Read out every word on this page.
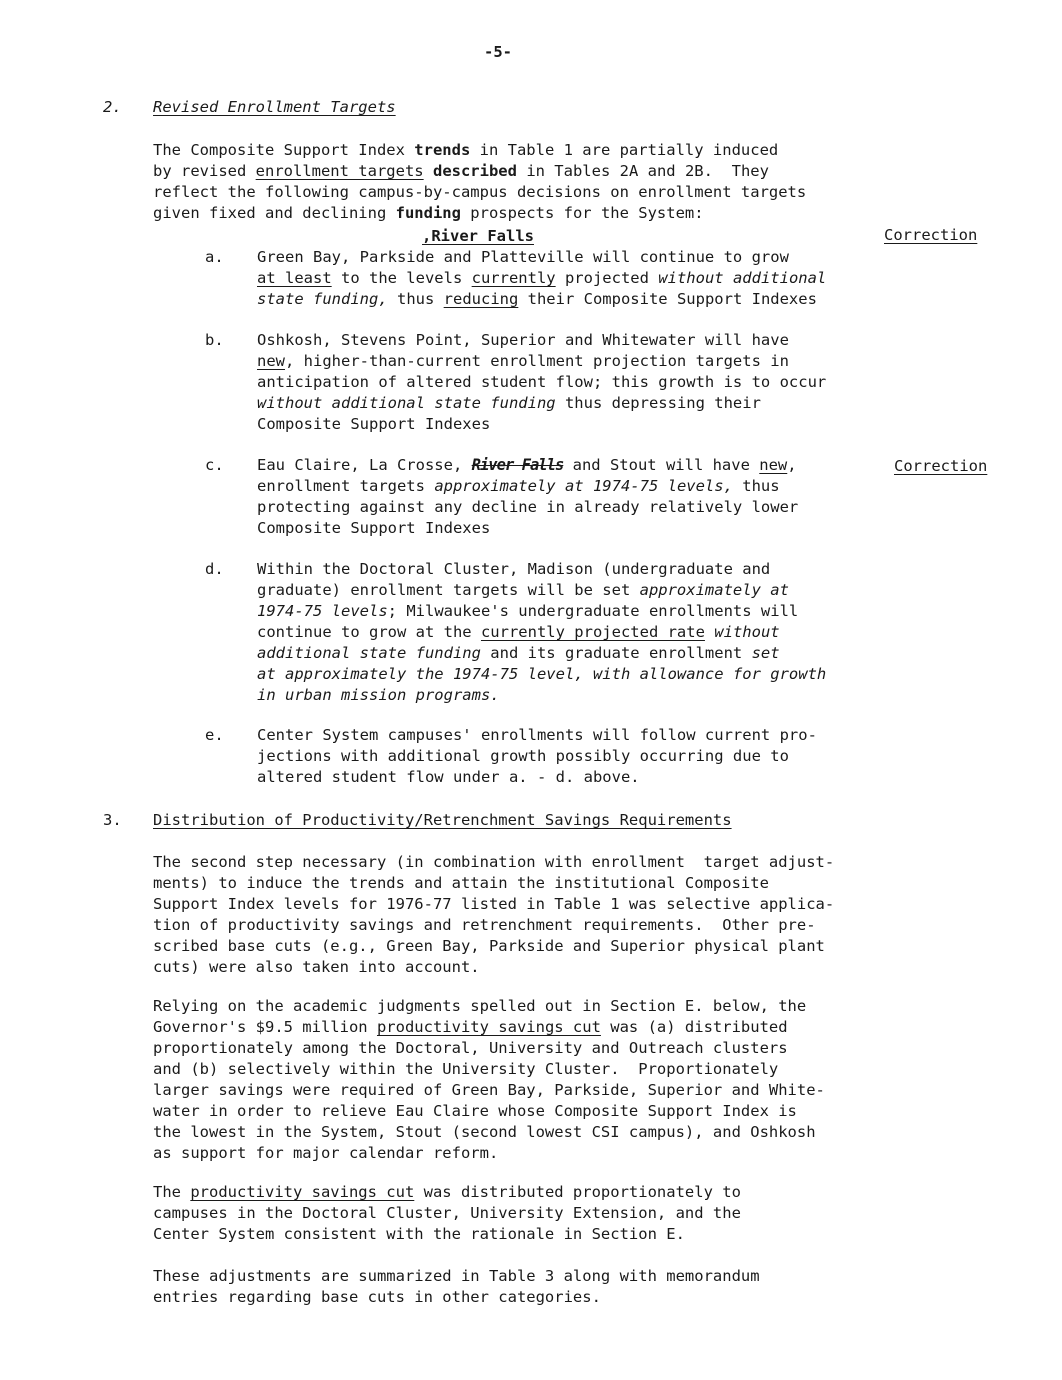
-5-
2. Revised Enrollment Targets
The Composite Support Index trends in Table 1 are partially induced
by revised enrollment targets described in Tables 2A and 2B.  They
reflect the following campus-by-campus decisions on enrollment targets
given fixed and declining funding prospects for the System:
,River Falls	Correction
a. Green Bay, Parkside and Platteville will continue to grow
at least to the levels currently projected without additional
state funding, thus reducing their Composite Support Indexes
b. Oshkosh, Stevens Point, Superior and Whitewater will have
new, higher-than-current enrollment projection targets in
anticipation of altered student flow; this growth is to occur
without additional state funding thus depressing their
Composite Support Indexes
c. Eau Claire, La Crosse, River Falls and Stout will have new,
enrollment targets approximately at 1974-75 levels, thus
protecting against any decline in already relatively lower
Composite Support Indexes
Correction
d. Within the Doctoral Cluster, Madison (undergraduate and
graduate) enrollment targets will be set approximately at
1974-75 levels; Milwaukee's undergraduate enrollments will
continue to grow at the currently projected rate without
additional state funding and its graduate enrollment set
at approximately the 1974-75 level, with allowance for growth
in urban mission programs.
e. Center System campuses' enrollments will follow current pro-
jections with additional growth possibly occurring due to
altered student flow under a. - d. above.
3. Distribution of Productivity/Retrenchment Savings Requirements
The second step necessary (in combination with enrollment  target adjust-
ments) to induce the trends and attain the institutional Composite
Support Index levels for 1976-77 listed in Table 1 was selective applica-
tion of productivity savings and retrenchment requirements.  Other pre-
scribed base cuts (e.g., Green Bay, Parkside and Superior physical plant
cuts) were also taken into account.
Relying on the academic judgments spelled out in Section E. below, the
Governor's $9.5 million productivity savings cut was (a) distributed
proportionately among the Doctoral, University and Outreach clusters
and (b) selectively within the University Cluster.  Proportionately
larger savings were required of Green Bay, Parkside, Superior and White-
water in order to relieve Eau Claire whose Composite Support Index is
the lowest in the System, Stout (second lowest CSI campus), and Oshkosh
as support for major calendar reform.
The productivity savings cut was distributed proportionately to
campuses in the Doctoral Cluster, University Extension, and the
Center System consistent with the rationale in Section E.
These adjustments are summarized in Table 3 along with memorandum
entries regarding base cuts in other categories.
